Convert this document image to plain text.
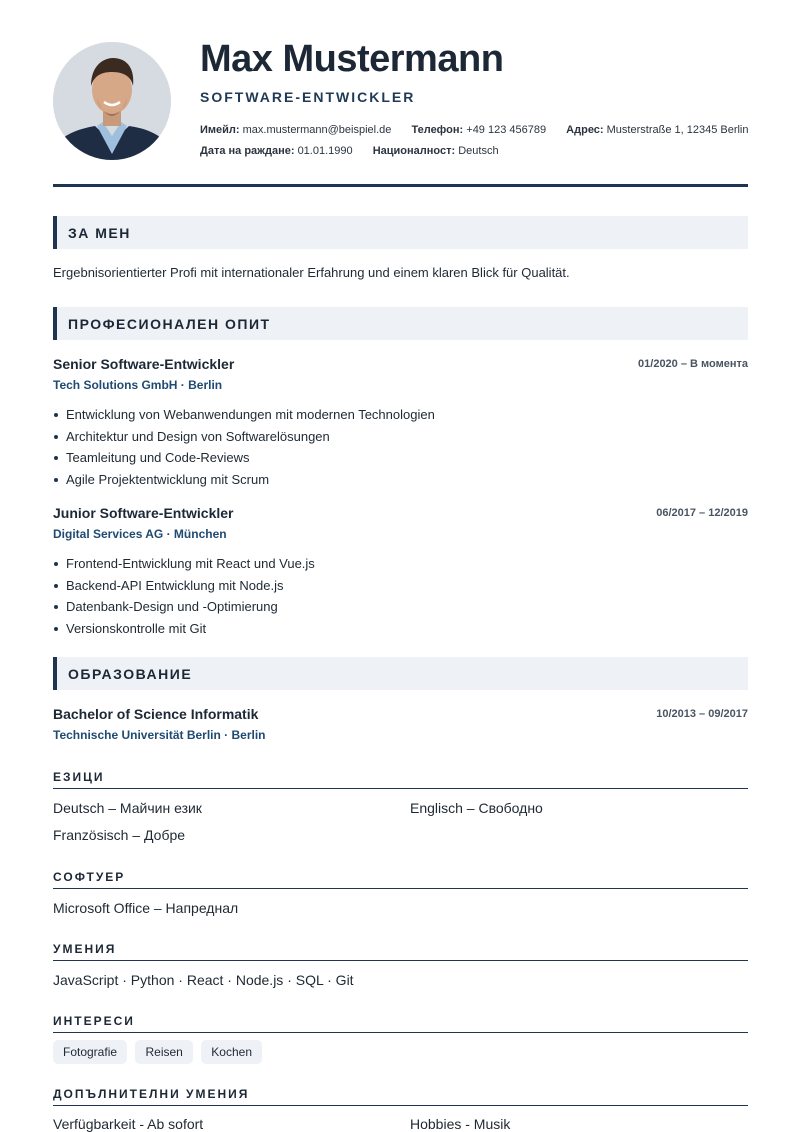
Max Mustermann
SOFTWARE-ENTWICKLER
Имейл: max.mustermann@beispiel.de Телефон: +49 123 456789 Адрес: Musterstraße 1, 12345 Berlin
Дата на раждане: 01.01.1990 Националност: Deutsch
ЗА МЕН
Ergebnisorientierter Profi mit internationaler Erfahrung und einem klaren Blick für Qualität.
ПРОФЕСИОНАЛЕН ОПИТ
Senior Software-Entwickler	01/2020 – В момента
Tech Solutions GmbH · Berlin
Entwicklung von Webanwendungen mit modernen Technologien
Architektur und Design von Softwarelösungen
Teamleitung und Code-Reviews
Agile Projektentwicklung mit Scrum
Junior Software-Entwickler	06/2017 – 12/2019
Digital Services AG · München
Frontend-Entwicklung mit React und Vue.js
Backend-API Entwicklung mit Node.js
Datenbank-Design und -Optimierung
Versionskontrolle mit Git
ОБРАЗОВАНИЕ
Bachelor of Science Informatik	10/2013 – 09/2017
Technische Universität Berlin · Berlin
ЕЗИЦИ
Deutsch – Майчин език	Englisch – Свободно
Französisch – Добре
СОФТУЕР
Microsoft Office – Напреднал
УМЕНИЯ
JavaScript · Python · React · Node.js · SQL · Git
ИНТЕРЕСИ
Fotografie Reisen Kochen
ДОПЪЛНИТЕЛНИ УМЕНИЯ
Verfügbarkeit - Ab sofort	Hobbies - Musik
